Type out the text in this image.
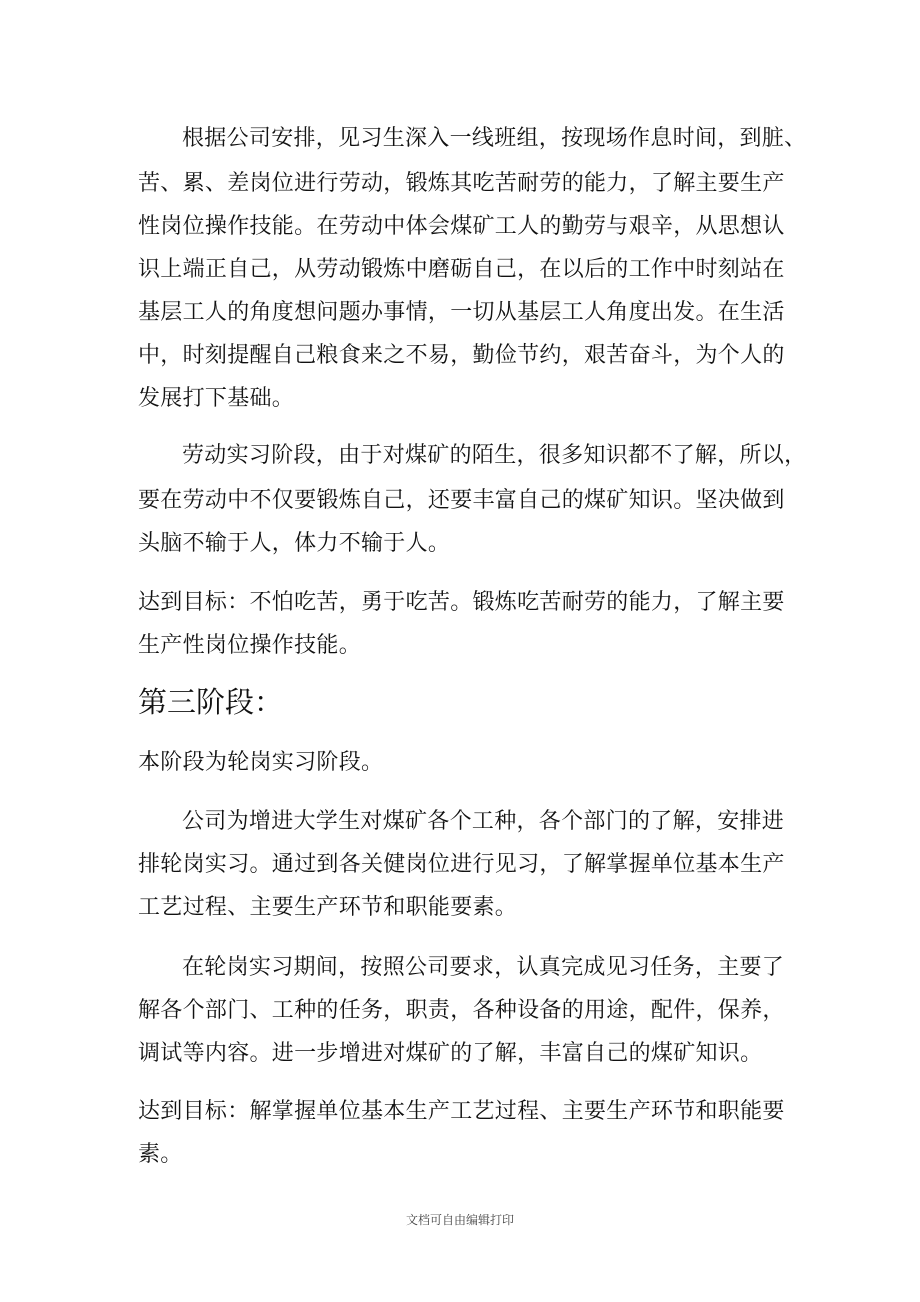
根据公司安排，见习生深入一线班组，按现场作息时间，到脏、
苦、累、差岗位进行劳动，锻炼其吃苦耐劳的能力，了解主要生产
性岗位操作技能。在劳动中体会煤矿工人的勤劳与艰辛，从思想认
识上端正自己，从劳动锻炼中磨砺自己，在以后的工作中时刻站在
基层工人的角度想问题办事情，一切从基层工人角度出发。在生活
中，时刻提醒自己粮食来之不易，勤俭节约，艰苦奋斗，为个人的
发展打下基础。
劳动实习阶段，由于对煤矿的陌生，很多知识都不了解，所以，
要在劳动中不仅要锻炼自己，还要丰富自己的煤矿知识。坚决做到
头脑不输于人，体力不输于人。
达到目标：不怕吃苦，勇于吃苦。锻炼吃苦耐劳的能力，了解主要
生产性岗位操作技能。
第三阶段：
本阶段为轮岗实习阶段。
公司为增进大学生对煤矿各个工种，各个部门的了解，安排进
排轮岗实习。通过到各关健岗位进行见习，了解掌握单位基本生产
工艺过程、主要生产环节和职能要素。
在轮岗实习期间，按照公司要求，认真完成见习任务，主要了
解各个部门、工种的任务，职责，各种设备的用途，配件，保养，
调试等内容。进一步增进对煤矿的了解，丰富自己的煤矿知识。
达到目标：解掌握单位基本生产工艺过程、主要生产环节和职能要
素。
文档可自由编辑打印
